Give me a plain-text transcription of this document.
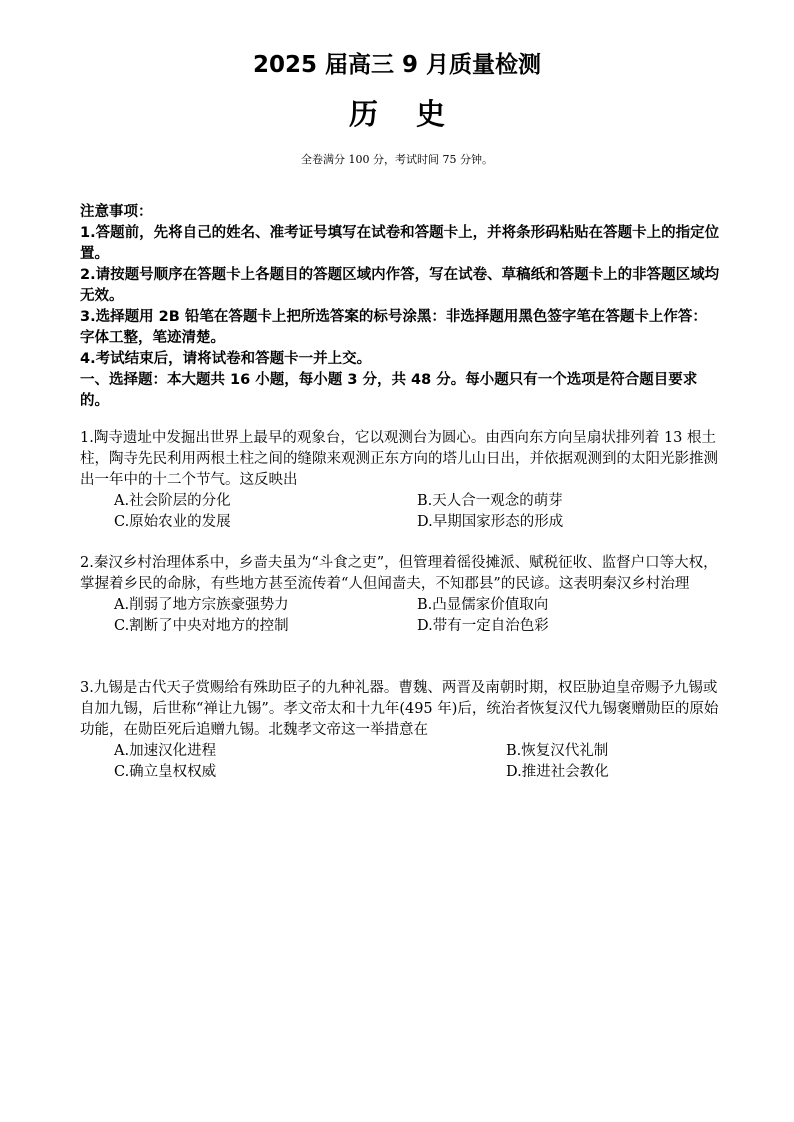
2025 届高三 9 月质量检测
历 史
全卷满分 100 分，考试时间 75 分钟。

注意事项：

1.答题前，先将自己的姓名、准考证号填写在试卷和答题卡上，并将条形码粘贴在答题卡上的指定位置。

2.请按题号顺序在答题卡上各题目的答题区域内作答，写在试卷、草稿纸和答题卡上的非答题区域均无效。

3.选择题用 2B 铅笔在答题卡上把所选答案的标号涂黑：非选择题用黑色签字笔在答题卡上作答：字体工整，笔迹清楚。

4.考试结束后，请将试卷和答题卡一并上交。

一、选择题：本大题共 16 小题，每小题 3 分，共 48 分。每小题只有一个选项是符合题目要求的。

1.陶寺遗址中发掘出世界上最早的观象台，它以观测台为圆心。由西向东方向呈扇状排列着 13 根土柱，陶寺先民利用两根土柱之间的缝隙来观测正东方向的塔儿山日出，并依据观测到的太阳光影推测出一年中的十二个节气。这反映出

A.社会阶层的分化	B.天人合一观念的萌芽
C.原始农业的发展	D.早期国家形态的形成

2.秦汉乡村治理体系中，乡啬夫虽为“斗食之吏”，但管理着徭役摊派、赋税征收、监督户口等大权，掌握着乡民的命脉，有些地方甚至流传着“人但闻啬夫，不知郡县”的民谚。这表明秦汉乡村治理

A.削弱了地方宗族豪强势力	B.凸显儒家价值取向
C.割断了中央对地方的控制	D.带有一定自治色彩

3.九锡是古代天子赏赐给有殊助臣子的九种礼器。曹魏、两晋及南朝时期，权臣胁迫皇帝赐予九锡或自加九锡，后世称“禅让九锡”。孝文帝太和十九年(495 年)后，统治者恢复汉代九锡褒赠勋臣的原始功能，在勋臣死后追赠九锡。北魏孝文帝这一举措意在

A.加速汉化进程	B.恢复汉代礼制
C.确立皇权权威	D.推进社会教化
